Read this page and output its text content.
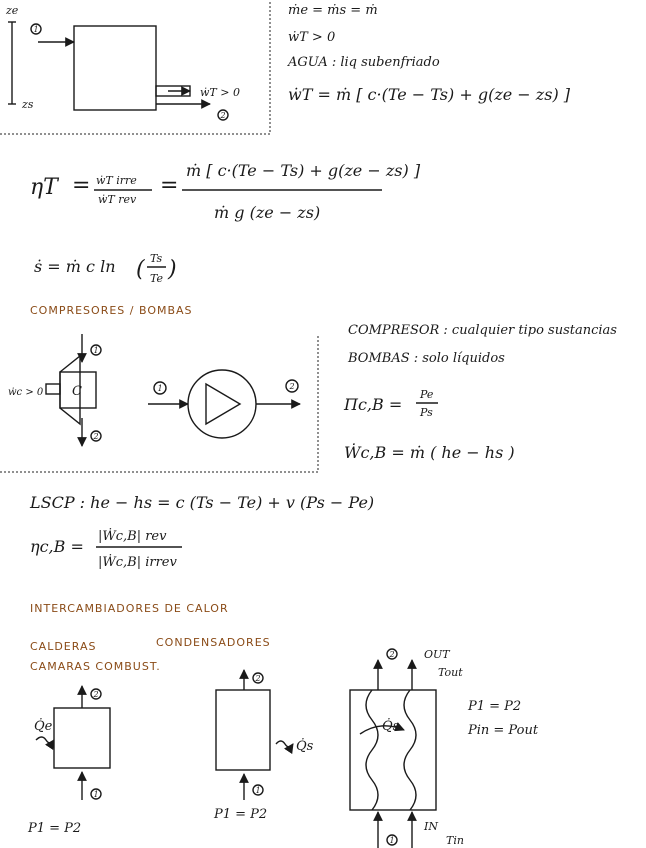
ze
zs
1
ẇT > 0
2
ṁe = ṁs = ṁ
ẇT > 0
AGUA : liq subenfriado
ẇT = ṁ [ c·(Te − Ts) + g(ze − zs) ]
ηT = ẇT irre
ẇT rev
=
ṁ [ c·(Te − Ts) + g(ze − zs) ]
ṁ g (ze − zs)
ṡ = ṁ c ln ( Ts
Te )
COMPRESORES / BOMBAS
ẇc > 0 C
1
2
1	2
COMPRESOR : cualquier tipo sustancias
BOMBAS : solo líquidos
Πc,B =
Pe
Ps
Ẇc,B = ṁ ( he − hs )
LSCP : he − hs = c (Ts − Te) + v (Ps − Pe)
ηc,B =
|Ẇc,B| rev
|Ẇc,B| irrev
INTERCAMBIADORES DE CALOR
CALDERAS
CAMARAS COMBUST.
CONDENSADORES
Q̇e
2
1
P1 = P2
2
1
Q̇s
P1 = P2
Q̇s
2	OUT
Tout
1
IN
Tin
P1 = P2
Pin = Pout
